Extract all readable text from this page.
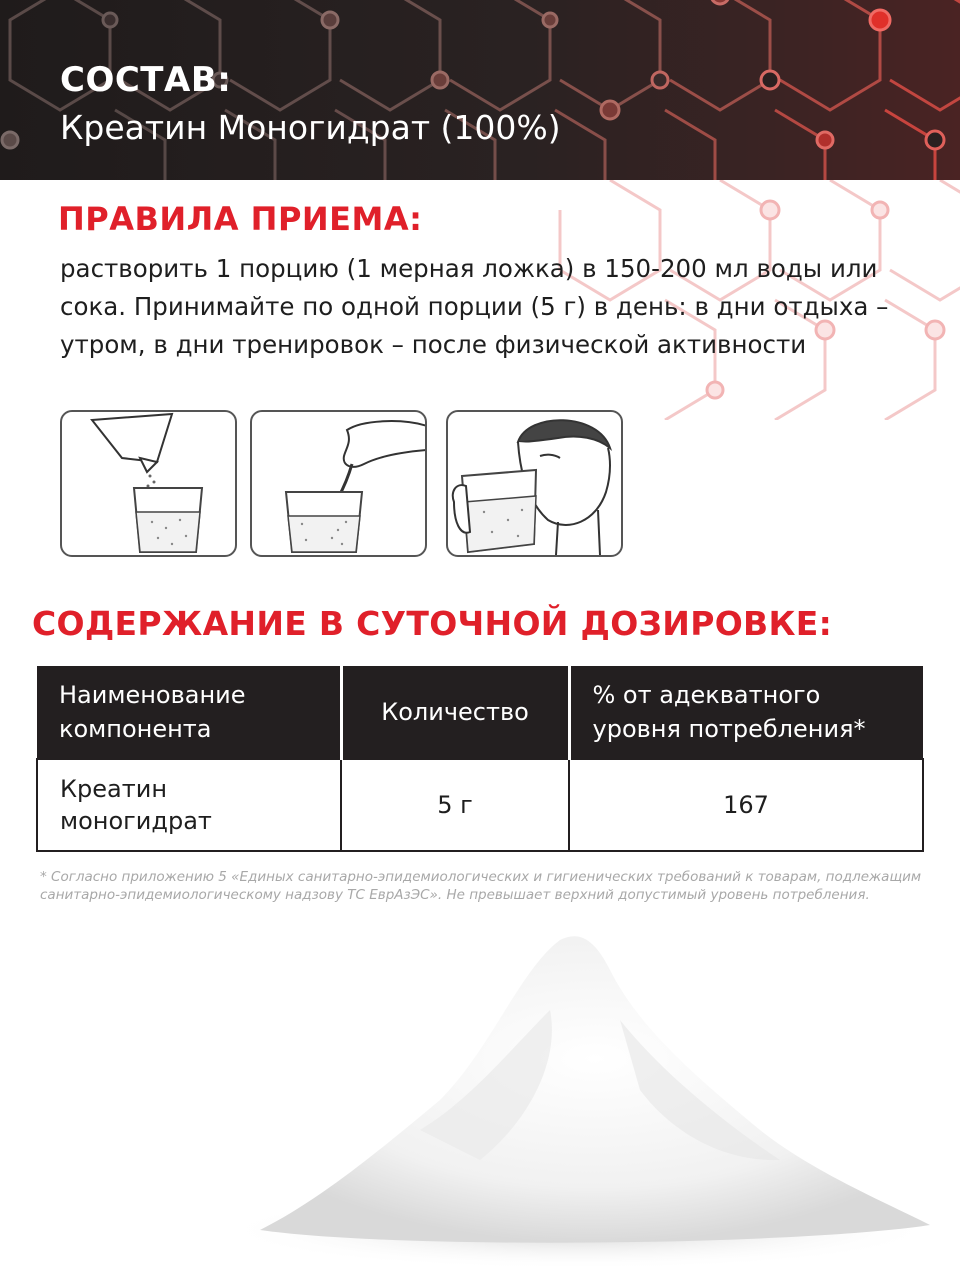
СОСТАВ:

Креатин Моногидрат (100%)

ПРАВИЛА ПРИЕМА:

растворить 1 порцию (1 мерная ложка) в 150-200 мл воды или сока. Принимайте по одной порции (5 г) в день: в дни отдыха – утром, в дни тренировок – после физической активности

СОДЕРЖАНИЕ В СУТОЧНОЙ ДОЗИРОВКЕ:
Наименование компонента	Количество	% от адекватного уровня потребления*
Креатин моногидрат	5 г	167

* Согласно приложению 5 «Единых санитарно-эпидемиологических и гигиенических требований к товарам, подлежащим санитарно-эпидемиологическому надзову ТС ЕврАзЭС». Не превышает верхний допустимый уровень потребления.
